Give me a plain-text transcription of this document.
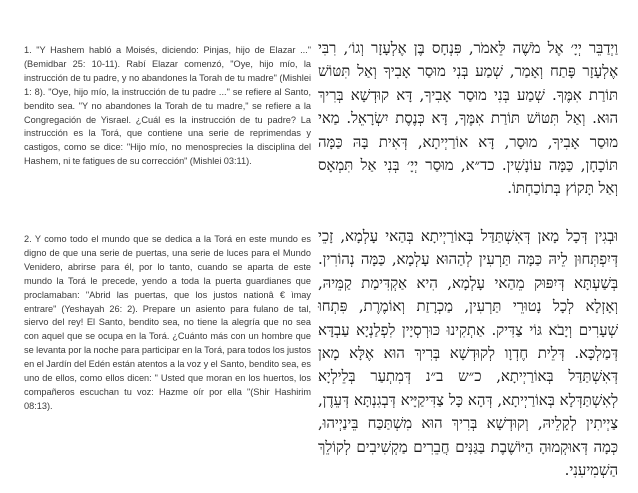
1. "Y Hashem habló a Moisés, diciendo: Pinjas, hijo de Elazar ..." (Bemidbar 25: 10-11). Rabí Elazar comenzó, "Oye, hijo mío, la instrucción de tu padre, y no abandones la Torah de tu madre" (Mishlei 1: 8). "Oye, hijo mío, la instrucción de tu padre ..." se refiere al Santo, bendito sea. "Y no abandones la Torah de tu madre," se refiere a la Congregación de Yisrael. ¿Cuál es la instrucción de tu padre? La instrucción es la Torá, que contiene una serie de reprimendas y castigos, como se dice: "Hijo mío, no menosprecies la disciplina del Hashem, ni te fatigues de su corrección" (Mishlei 03:11).
וַיְדַבֵּר יְיָ׳ אֶל מֹשֶׁה לֵּאמֹר, פִּנְחָס בֶּן אֶלְעָזָר וְגוֹ׳, רִבִּי אֶלְעָזָר פָּתַח וְאָמַר, שְׁמַע בְּנִי מוּסַר אָבִיךָ וְאַל תִּטּוֹשׁ תּוֹרַת אִמֶּךָ. שְׁמַע בְּנִי מוּסַר אָבִיךָ, דָּא קוּדְשָׁא בְּרִיךְ הוּא. וְאַל תִּטּוֹשׁ תּוֹרַת אִמֶּךָ, דָּא כְּנֶסֶת יִשְׂרָאֵל. מַאי מוּסַר אָבִיךָ, מוּסָר, דָּא אוֹרַיְיתָא, דְּאִית בָּהּ כַּמָּה תּוֹכָחָן, כַּמָּה עוֹנָשִׁין. כד״א, מוּסַר יְיָ׳ בְּנִי אַל תִּמְאָס וְאַל תָּקוֹץ בְּתוֹכַחְתּוֹ.
2. Y como todo el mundo que se dedica a la Torá en este mundo es digno de que una serie de puertas, una serie de luces para el Mundo Venidero, abrirse para él, por lo tanto, cuando se aparta de este mundo la Torá le precede, yendo a toda la puerta guardianes que proclamaban: "Abrid las puertas, que los justos nationâ € ìmay entrare" (Yeshayah 26: 2). Prepare un asiento para fulano de tal, siervo del rey! El Santo, bendito sea, no tiene la alegría que no sea con aquel que se ocupa en la Torá. ¿Cuánto más con un hombre que se levanta por la noche para participar en la Torá, para todos los justos en el Jardín del Edén están atentos a la voz y el Santo, bendito sea, es uno de ellos, como ellos dicen: " Usted que moran en los huertos, los compañeros escuchan tu voz: Hazme oír por ella "(Shir Hashirim 08:13).
וּבְגִין דְּכָל מָאן דְּאִשְׁתַּדַּל בְּאוֹרַיְיתָא בְּהַאי עָלְמָא, זָכֵי דְּיִפְתְּחוּן לֵיהּ כַּמָּה תַּרְעִין לְהַהוּא עָלְמָא, כַּמָּה נְהוֹרִין. בְּשַׁעְתָּא דְּיִפּוּק מֵהַאי עָלְמָא, הִיא אַקְדִּימַת קַמֵּיהּ, וְאָזְלָא לְכָל נָטוּרֵי תַּרְעִין, מַכְרָזַת וְאוֹמֶרֶת, פִּתְחוּ שְׁעָרִים וְיָבֹא גּוֹי צַדִּיק. אַתְקִינוּ כּוּרְסְיָין לִפְלַנְיָא עַבְדָּא דְּמַלְכָּא. דְּלֵית חֶדְוָו לְקוּדְשָׁא בְּרִיךְ הוּא אֶלָּא מָאן דְּאִשְׁתַּדַּל בְּאוֹרַיְיתָא, כ״ש ב״נ דְּמִתְעַר בְּלֵילְיָא לְאִשְׁתַּדְּלָא בְּאוֹרַיְיתָא, דְּהָא כָּל צַדִּיקַיָּיא דְּבְגִנְתָּא דְּעֵדֶן, צַיְיתִין לְקָלֵיהּ, וְקוּדְשָׁא בְּרִיךְ הוּא מִשְׁתַּכַּח בֵּינַיְיהוּ, כְּמָה דְּאוּקְמוּהָ הַיּוֹשֶׁבֶת בַּגַּנִּים חֲבֵרִים מַקְשִׁיבִים לְקוֹלֵךְ הַשְׁמִיעִנִי.
